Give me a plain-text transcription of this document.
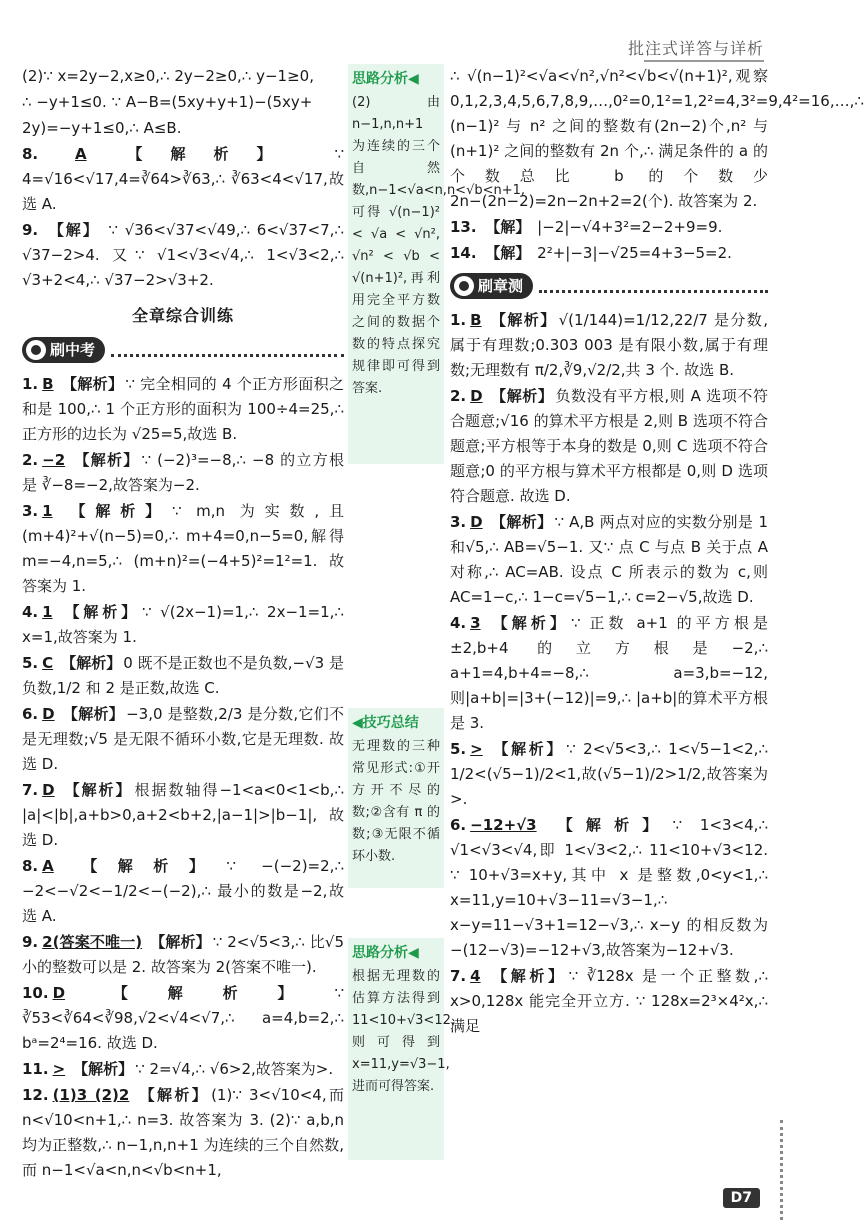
批注式详答与详析

(2)∵ x=2y−2,x≥0,∴ 2y−2≥0,∴ y−1≥0,

∴ −y+1≤0. ∵ A−B=(5xy+y+1)−(5xy+

2y)=−y+1≤0,∴ A≤B.

8. A	【解析】 ∵ 4=√16<√17,4=∛64>∛63,∴ ∛63<4<√17,故选 A.

9. 【解】 ∵ √36<√37<√49,∴ 6<√37<7,∴ √37−2>4. 又∵ √1<√3<√4,∴ 1<√3<2,∴ √3+2<4,∴ √37−2>√3+2.

全章综合训练
刷中考

1. B 【解析】 ∵ 完全相同的 4 个正方形面积之和是 100,∴ 1 个正方形的面积为 100÷4=25,∴ 正方形的边长为 √25=5,故选 B.

2. −2 【解析】 ∵ (−2)³=−8,∴ −8 的立方根是 ∛−8=−2,故答案为−2.

3. 1 【解析】 ∵ m,n 为实数,且(m+4)²+√(n−5)=0,∴ m+4=0,n−5=0,解得 m=−4,n=5,∴ (m+n)²=(−4+5)²=1²=1. 故答案为 1.

4. 1 【解析】 ∵ √(2x−1)=1,∴ 2x−1=1,∴ x=1,故答案为 1.

5. C 【解析】 0 既不是正数也不是负数,−√3 是负数,1/2 和 2 是正数,故选 C.

6. D 【解析】 −3,0 是整数,2/3 是分数,它们不是无理数;√5 是无限不循环小数,它是无理数. 故选 D.

7. D 【解析】 根据数轴得−1<a<0<1<b,∴ |a|<|b|,a+b>0,a+2<b+2,|a−1|>|b−1|,故选 D.

8. A 【解析】 ∵ −(−2)=2,∴ −2<−√2<−1/2<−(−2),∴ 最小的数是−2,故选 A.

9. 2(答案不唯一) 【解析】 ∵ 2<√5<3,∴ 比√5 小的整数可以是 2. 故答案为 2(答案不唯一).

10. D 【解析】 ∵ ∛53<∛64<∛98,√2<√4<√7,∴ a=4,b=2,∴ bᵃ=2⁴=16. 故选 D.

11. > 【解析】 ∵ 2=√4,∴ √6>2,故答案为>.

12. (1)3 (2)2 【解析】 (1)∵ 3<√10<4,而 n<√10<n+1,∴ n=3. 故答案为 3. (2)∵ a,b,n 均为正整数,∴ n−1,n,n+1 为连续的三个自然数,而 n−1<√a<n,n<√b<n+1,

思路分析◀
(2)由 n−1,n,n+1 为连续的三个自然数,n−1<√a<n,n<√b<n+1,可得 √(n−1)² < √a < √n², √n² < √b < √(n+1)²,再利用完全平方数之间的数据个数的特点探究规律即可得到答案.
◀技巧总结
无理数的三种常见形式:①开方开不尽的数;②含有 π 的数;③无限不循环小数.
思路分析◀
根据无理数的估算方法得到 11<10+√3<12,则可得到 x=11,y=√3−1,进而可得答案.

∴ √(n−1)²<√a<√n²,√n²<√b<√(n+1)²,观察 0,1,2,3,4,5,6,7,8,9,…,0²=0,1²=1,2²=4,3²=9,4²=16,…,∴ (n−1)² 与 n² 之间的整数有(2n−2)个,n² 与(n+1)² 之间的整数有 2n 个,∴ 满足条件的 a 的个数总比 b 的个数少 2n−(2n−2)=2n−2n+2=2(个). 故答案为 2.

13. 【解】 |−2|−√4+3²=2−2+9=9.

14. 【解】 2²+|−3|−√25=4+3−5=2.

刷章测

1. B 【解析】 √(1/144)=1/12,22/7 是分数,属于有理数;0.303 003 是有限小数,属于有理数;无理数有 π/2,∛9,√2/2,共 3 个. 故选 B.

2. D 【解析】 负数没有平方根,则 A 选项不符合题意;√16 的算术平方根是 2,则 B 选项不符合题意;平方根等于本身的数是 0,则 C 选项不符合题意;0 的平方根与算术平方根都是 0,则 D 选项符合题意. 故选 D.

3. D 【解析】 ∵ A,B 两点对应的实数分别是 1 和√5,∴ AB=√5−1. 又∵ 点 C 与点 B 关于点 A 对称,∴ AC=AB. 设点 C 所表示的数为 c,则 AC=1−c,∴ 1−c=√5−1,∴ c=2−√5,故选 D.

4. 3 【解析】 ∵ 正数 a+1 的平方根是±2,b+4 的立方根是−2,∴ a+1=4,b+4=−8,∴ a=3,b=−12,则|a+b|=|3+(−12)|=9,∴ |a+b|的算术平方根是 3.

5. > 【解析】 ∵ 2<√5<3,∴ 1<√5−1<2,∴ 1/2<(√5−1)/2<1,故(√5−1)/2>1/2,故答案为>.

6. −12+√3 【解析】 ∵ 1<3<4,∴ √1<√3<√4,即 1<√3<2,∴ 11<10+√3<12. ∵ 10+√3=x+y,其中 x 是整数,0<y<1,∴ x=11,y=10+√3−11=√3−1,∴ x−y=11−√3+1=12−√3,∴ x−y 的相反数为−(12−√3)=−12+√3,故答案为−12+√3.

7. 4 【解析】 ∵ ∛128x 是一个正整数,∴ x>0,128x 能完全开立方. ∵ 128x=2³×4²x,∴ 满足

D7
